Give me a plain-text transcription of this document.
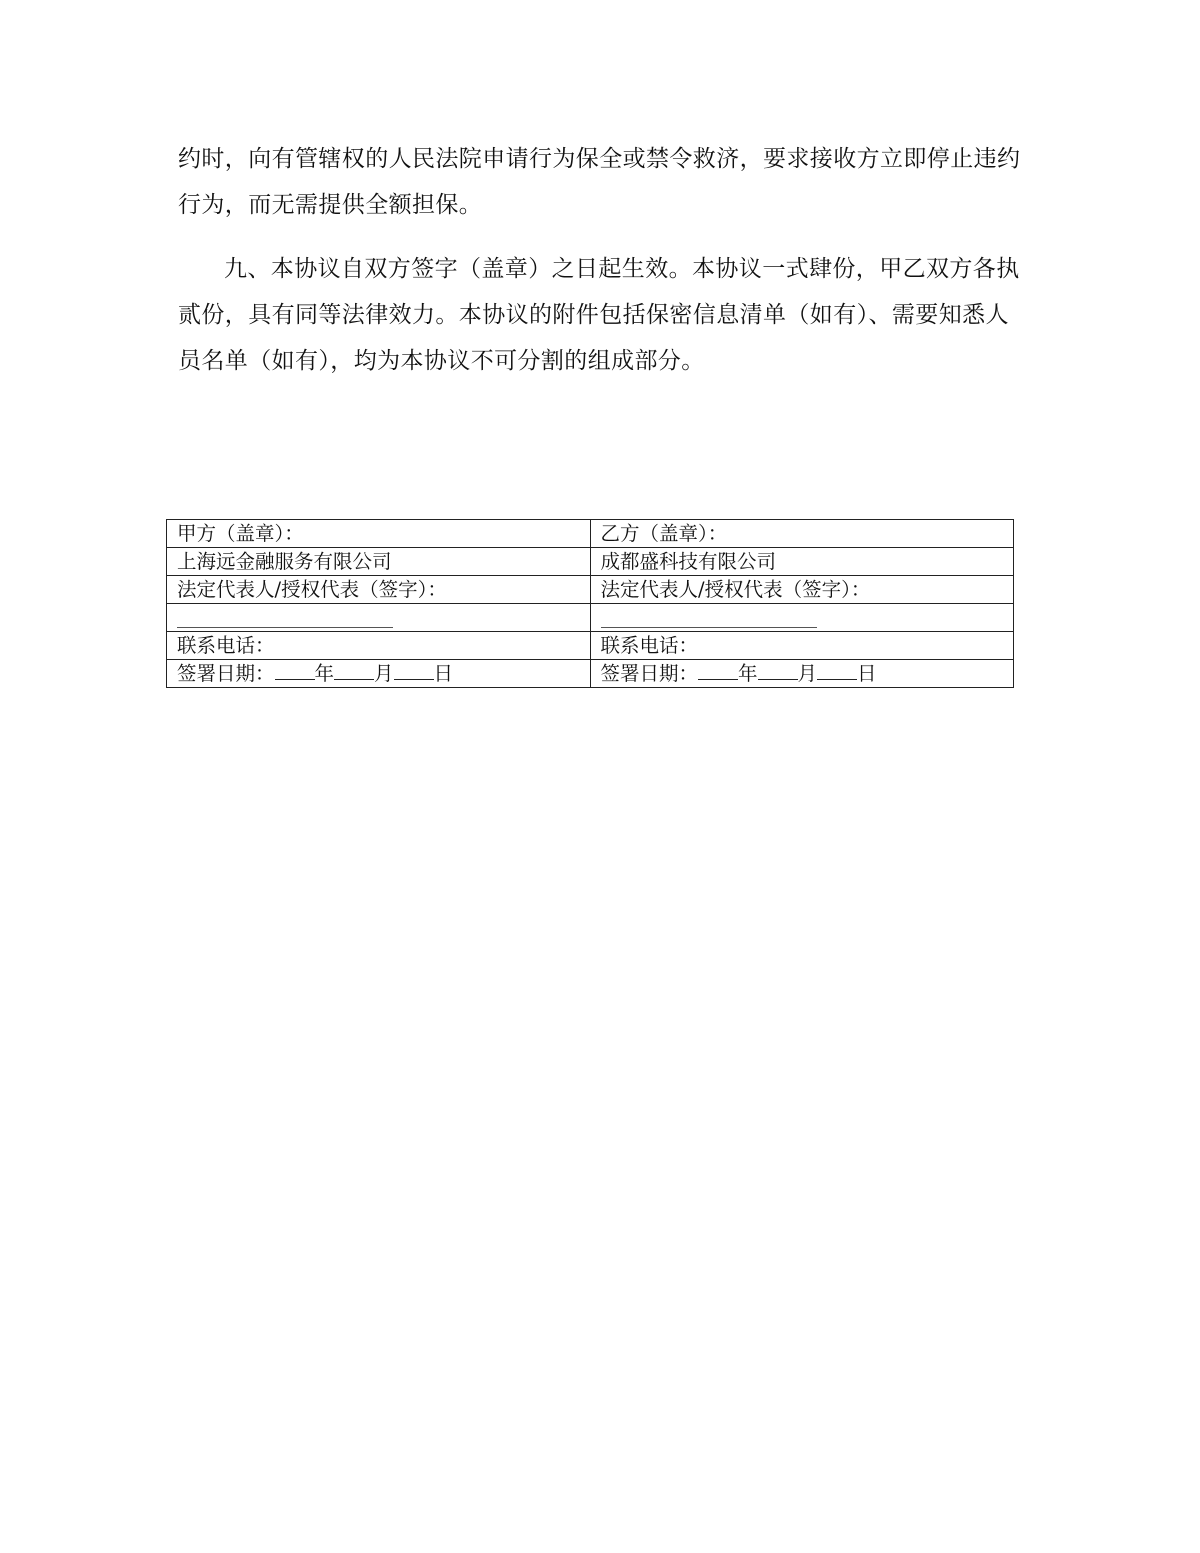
约时，向有管辖权的人民法院申请行为保全或禁令救济，要求接收方立即停止违约
行为，而无需提供全额担保。
九、本协议自双方签字（盖章）之日起生效。本协议一式肆份，甲乙双方各执
贰份，具有同等法律效力。本协议的附件包括保密信息清单（如有）、需要知悉人
员名单（如有），均为本协议不可分割的组成部分。
甲方（盖章）：	乙方（盖章）：
上海远金融服务有限公司	成都盛科技有限公司
法定代表人/授权代表（签字）：	法定代表人/授权代表（签字）：

联系电话：	联系电话：
签署日期： 年 月 日	签署日期： 年 月 日
